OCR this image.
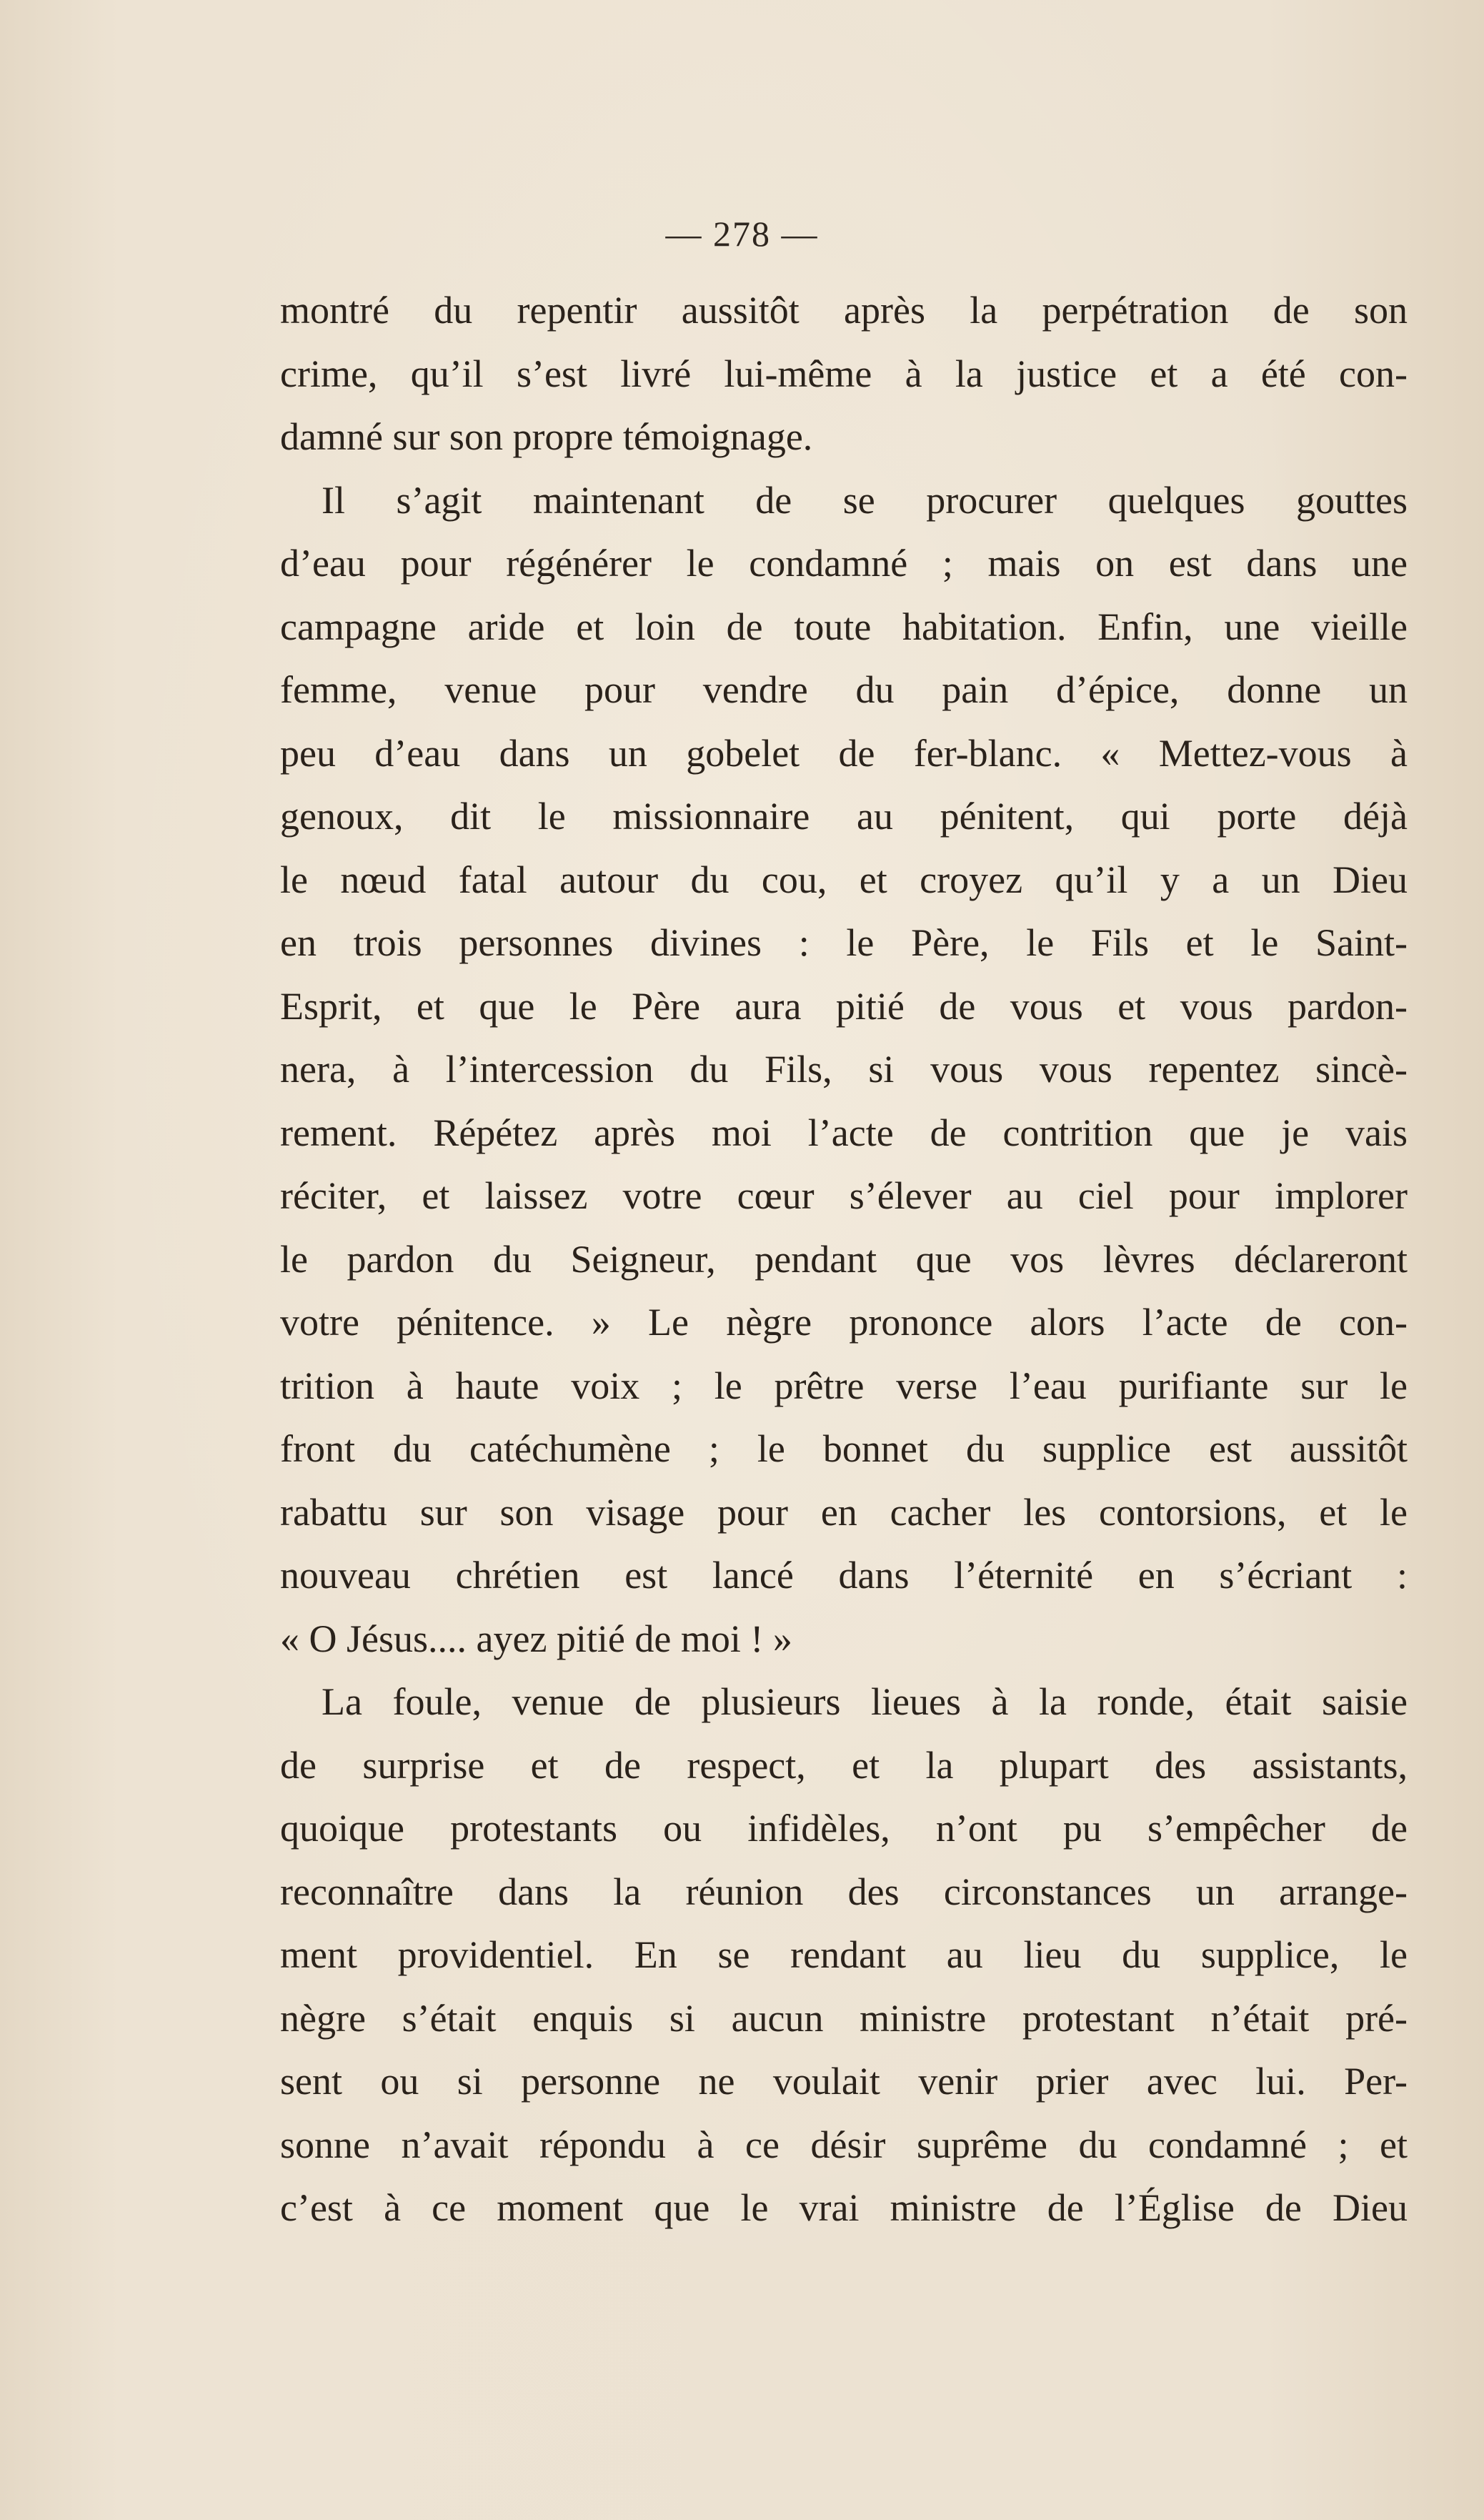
— 278 —
montré du repentir aussitôt après la perpétration de son
crime, qu’il s’est livré lui-même à la justice et a été con-
damné sur son propre témoignage.
Il s’agit maintenant de se procurer quelques gouttes
d’eau pour régénérer le condamné ; mais on est dans une
campagne aride et loin de toute habitation. Enfin, une vieille
femme, venue pour vendre du pain d’épice, donne un
peu d’eau dans un gobelet de fer-blanc. « Mettez-vous à
genoux, dit le missionnaire au pénitent, qui porte déjà
le nœud fatal autour du cou, et croyez qu’il y a un Dieu
en trois personnes divines : le Père, le Fils et le Saint-
Esprit, et que le Père aura pitié de vous et vous pardon-
nera, à l’intercession du Fils, si vous vous repentez sincè-
rement. Répétez après moi l’acte de contrition que je vais
réciter, et laissez votre cœur s’élever au ciel pour implorer
le pardon du Seigneur, pendant que vos lèvres déclareront
votre pénitence. » Le nègre prononce alors l’acte de con-
trition à haute voix ; le prêtre verse l’eau purifiante sur le
front du catéchumène ; le bonnet du supplice est aussitôt
rabattu sur son visage pour en cacher les contorsions, et le
nouveau chrétien est lancé dans l’éternité en s’écriant :
« O Jésus.... ayez pitié de moi ! »
La foule, venue de plusieurs lieues à la ronde, était saisie
de surprise et de respect, et la plupart des assistants,
quoique protestants ou infidèles, n’ont pu s’empêcher de
reconnaître dans la réunion des circonstances un arrange-
ment providentiel. En se rendant au lieu du supplice, le
nègre s’était enquis si aucun ministre protestant n’était pré-
sent ou si personne ne voulait venir prier avec lui. Per-
sonne n’avait répondu à ce désir suprême du condamné ; et
c’est à ce moment que le vrai ministre de l’Église de Dieu
